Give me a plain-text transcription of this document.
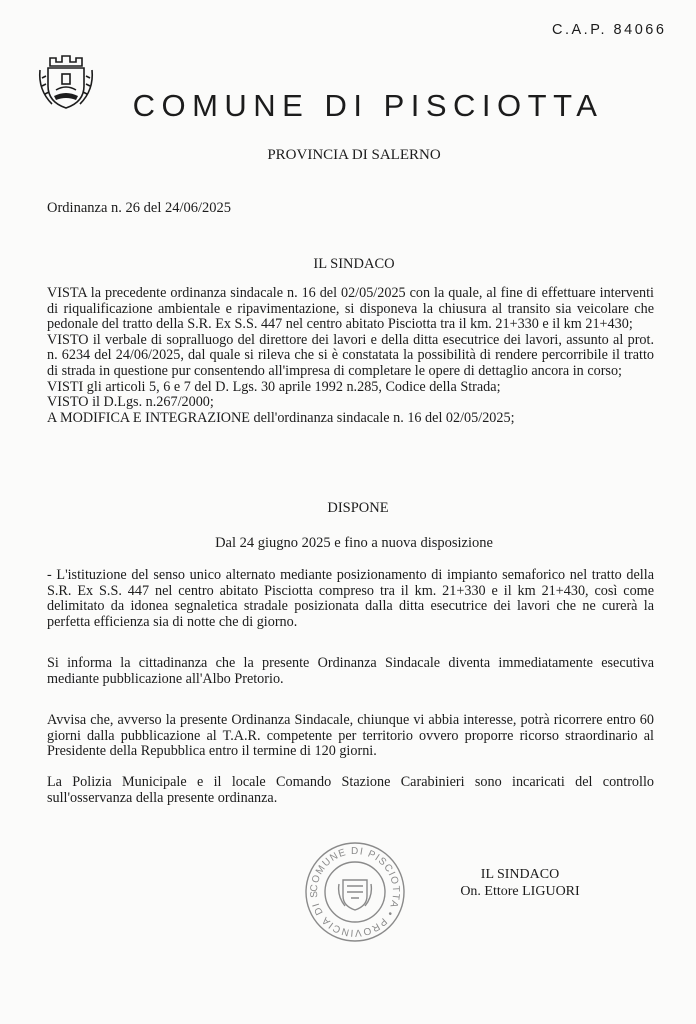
C.A.P. 84066
COMUNE DI PISCIOTTA
PROVINCIA DI SALERNO
Ordinanza n. 26 del 24/06/2025
IL SINDACO

VISTA la precedente ordinanza sindacale n. 16 del 02/05/2025 con la quale, al fine di effettuare interventi di riqualificazione ambientale e ripavimentazione, si disponeva la chiusura al transito sia veicolare che pedonale del tratto della S.R. Ex S.S. 447 nel centro abitato Pisciotta tra il km. 21+330 e il km 21+430;

VISTO il verbale di sopralluogo del direttore dei lavori e della ditta esecutrice dei lavori, assunto al prot. n. 6234 del 24/06/2025, dal quale si rileva che si è constatata la possibilità di rendere percorribile il tratto di strada in questione pur consentendo all'impresa di completare le opere di dettaglio ancora in corso;

VISTI gli articoli 5, 6 e 7 del D. Lgs. 30 aprile 1992 n.285, Codice della Strada;

VISTO il D.Lgs. n.267/2000;

A MODIFICA E INTEGRAZIONE dell'ordinanza sindacale n. 16 del 02/05/2025;

DISPONE
Dal 24 giugno 2025 e fino a nuova disposizione
- L'istituzione del senso unico alternato mediante posizionamento di impianto semaforico nel tratto della S.R. Ex S.S. 447 nel centro abitato Pisciotta compreso tra il km. 21+330 e il km 21+430, così come delimitato da idonea segnaletica stradale posizionata dalla ditta esecutrice dei lavori che ne curerà la perfetta efficienza sia di notte che di giorno.
Si informa la cittadinanza che la presente Ordinanza Sindacale diventa immediatamente esecutiva mediante pubblicazione all'Albo Pretorio.
Avvisa che, avverso la presente Ordinanza Sindacale, chiunque vi abbia interesse, potrà ricorrere entro 60 giorni dalla pubblicazione al T.A.R. competente per territorio ovvero proporre ricorso straordinario al Presidente della Repubblica entro il termine di 120 giorni.
La Polizia Municipale e il locale Comando Stazione Carabinieri sono incaricati del controllo sull'osservanza della presente ordinanza.
COMUNE DI PISCIOTTA • PROVINCIA DI S
IL SINDACO
On. Ettore LIGUORI
